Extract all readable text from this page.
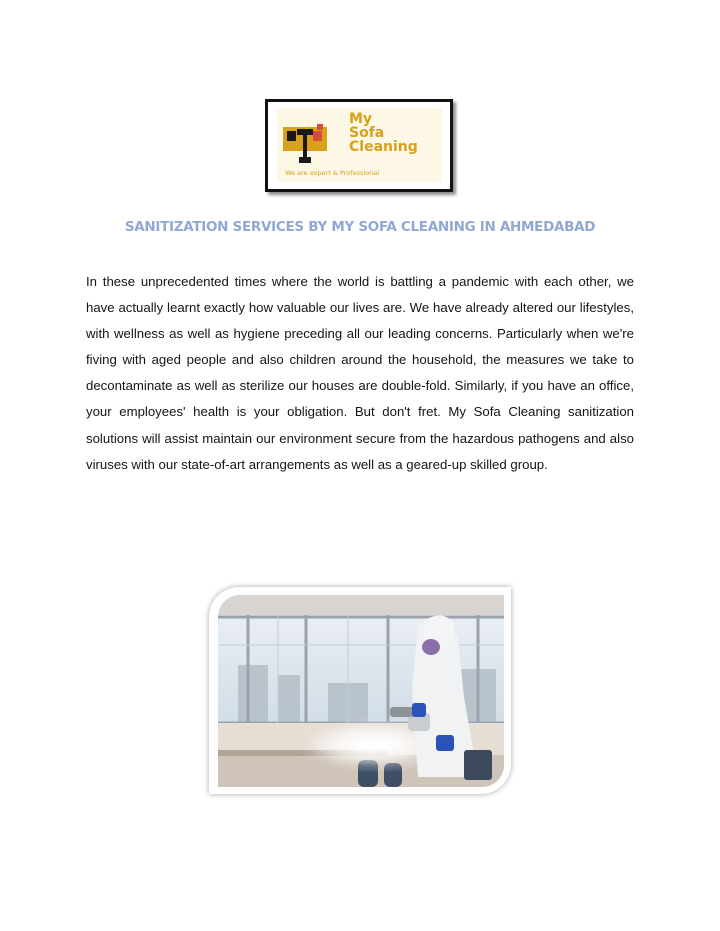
My
Sofa
Cleaning
We are expert & Professional
SANITIZATION SERVICES BY MY SOFA CLEANING IN AHMEDABAD
In these unprecedented times where the world is battling a pandemic with each other, we have actually learnt exactly how valuable our lives are. We have already altered our lifestyles, with wellness as well as hygiene preceding all our leading concerns. Particularly when we're fiving with aged people and also children around the household, the measures we take to decontaminate as well as sterilize our houses are double-fold. Similarly, if you have an office, your employees' health is your obligation. But don't fret. My Sofa Cleaning sanitization solutions will assist maintain our environment secure from the hazardous pathogens and also viruses with our state-of-art arrangements as well as a geared-up skilled group.
